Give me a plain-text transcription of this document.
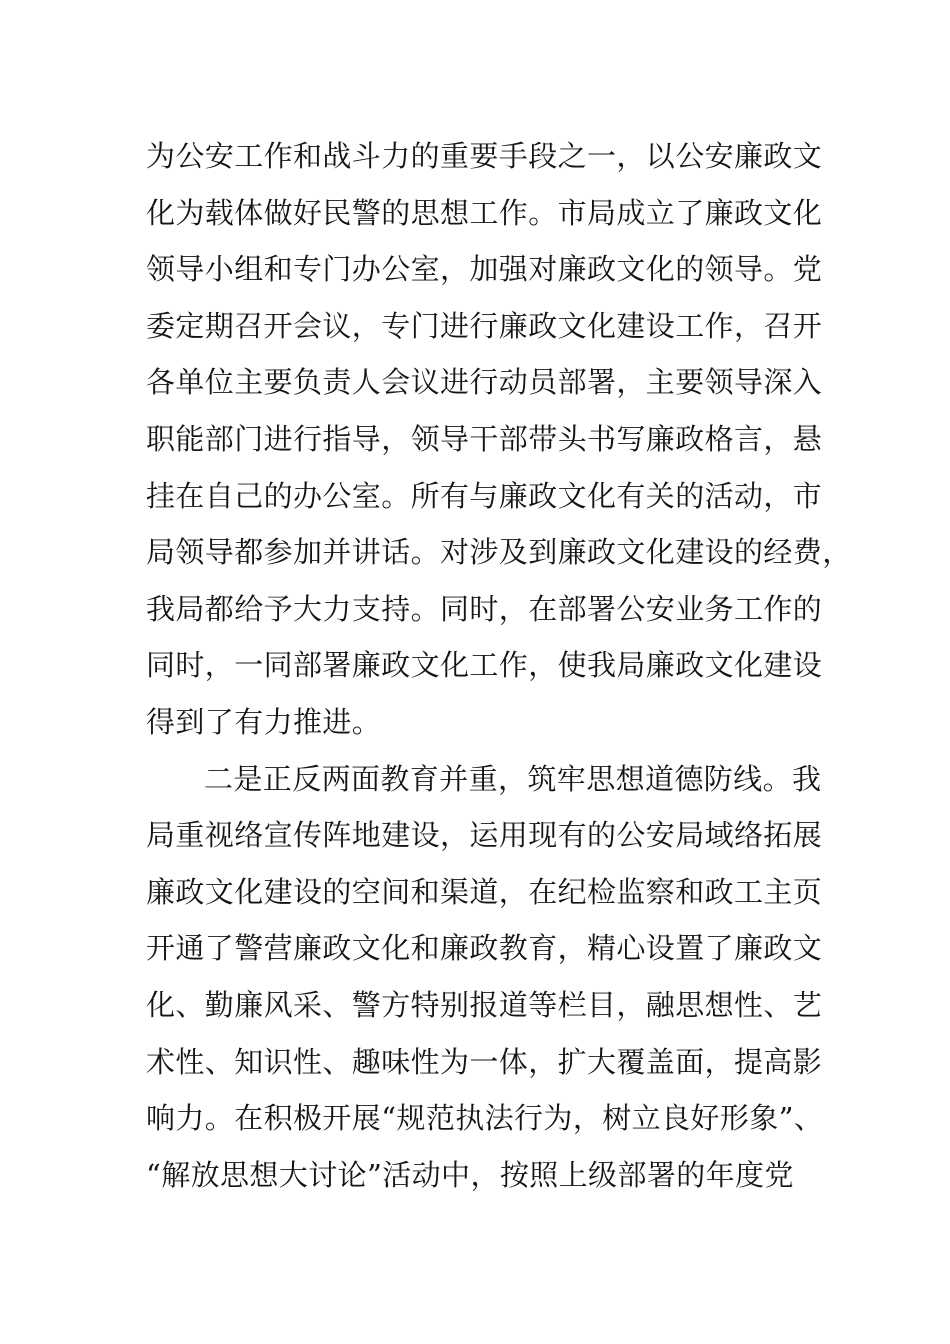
为公安工作和战斗力的重要手段之一，以公安廉政文
化为载体做好民警的思想工作。市局成立了廉政文化
领导小组和专门办公室，加强对廉政文化的领导。党
委定期召开会议，专门进行廉政文化建设工作，召开
各单位主要负责人会议进行动员部署，主要领导深入
职能部门进行指导，领导干部带头书写廉政格言，悬
挂在自己的办公室。所有与廉政文化有关的活动，市
局领导都参加并讲话。对涉及到廉政文化建设的经费，
我局都给予大力支持。同时，在部署公安业务工作的
同时，一同部署廉政文化工作，使我局廉政文化建设
得到了有力推进。
二是正反两面教育并重，筑牢思想道德防线。我
局重视络宣传阵地建设，运用现有的公安局域络拓展
廉政文化建设的空间和渠道，在纪检监察和政工主页
开通了警营廉政文化和廉政教育，精心设置了廉政文
化、勤廉风采、警方特别报道等栏目，融思想性、艺
术性、知识性、趣味性为一体，扩大覆盖面，提高影
响力。在积极开展“规范执法行为，树立良好形象”、
“解放思想大讨论”活动中，按照上级部署的年度党
